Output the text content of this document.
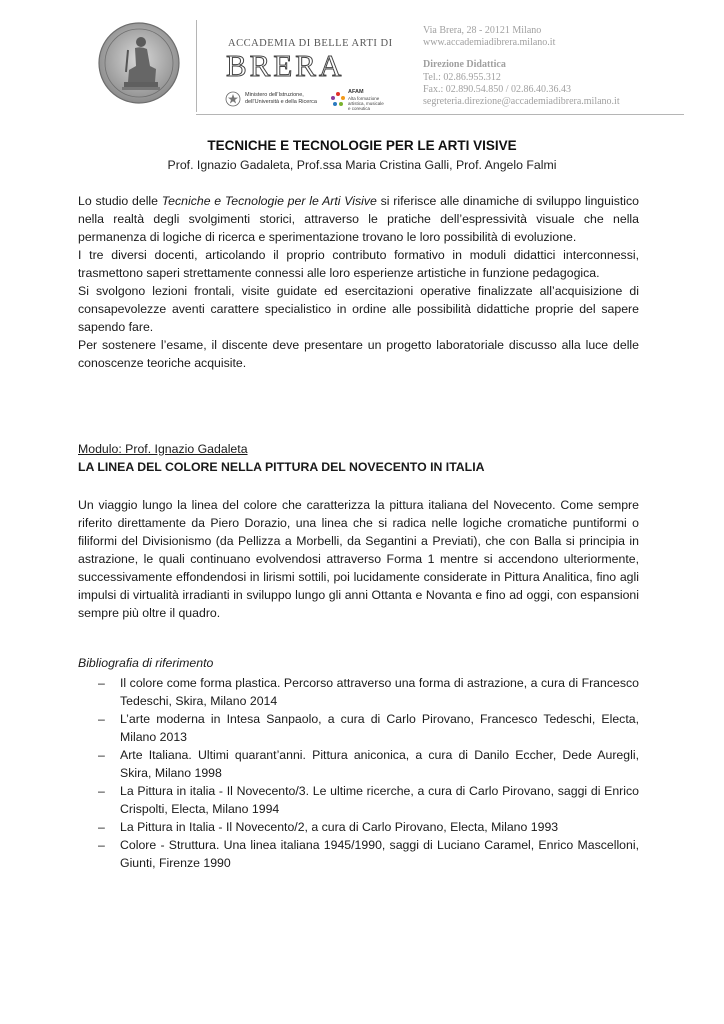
ACCADEMIA DI BELLE ARTI DI
BRERA
Ministero dell'Istruzione,
dell'Università e della Ricerca
AFAM
Alta formazione
artistica, musicale
e coreutica
Via Brera, 28 - 20121 Milano
www.accademiadibrera.milano.it
Direzione Didattica
Tel.: 02.86.955.312
Fax.: 02.890.54.850 / 02.86.40.36.43
segreteria.direzione@accademiadibrera.milano.it
TECNICHE E TECNOLOGIE PER LE ARTI VISIVE
Prof. Ignazio Gadaleta, Prof.ssa Maria Cristina Galli, Prof. Angelo Falmi

Lo studio delle Tecniche e Tecnologie per le Arti Visive si riferisce alle dinamiche di sviluppo linguistico nella realtà degli svolgimenti storici, attraverso le pratiche dell’espressività visuale che nella permanenza di logiche di ricerca e sperimentazione trovano le loro possibilità di evoluzione.

I tre diversi docenti, articolando il proprio contributo formativo in moduli didattici interconnessi, trasmettono saperi strettamente connessi alle loro esperienze artistiche in funzione pedagogica.

Si svolgono lezioni frontali, visite guidate ed esercitazioni operative finalizzate all’acquisizione di consapevolezze aventi carattere specialistico in ordine alle possibilità didattiche proprie del sapere sapendo fare.

Per sostenere l’esame, il discente deve presentare un progetto laboratoriale discusso alla luce delle conoscenze teoriche acquisite.

Modulo: Prof. Ignazio Gadaleta
LA LINEA DEL COLORE NELLA PITTURA DEL NOVECENTO IN ITALIA

Un viaggio lungo la linea del colore che caratterizza la pittura italiana del Novecento. Come sempre riferito direttamente da Piero Dorazio, una linea che si radica nelle logiche cromatiche puntiformi o filiformi del Divisionismo (da Pellizza a Morbelli, da Segantini a Previati), che con Balla si principia in astrazione, le quali continuano evolvendosi attraverso Forma 1 mentre si accendono ulteriormente, successivamente effondendosi in lirismi sottili, poi lucidamente considerate in Pittura Analitica, fino agli impulsi di virtualità irradianti in sviluppo lungo gli anni Ottanta e Novanta e fino ad oggi, con espansioni sempre più oltre il quadro.

Bibliografia di riferimento
– Il colore come forma plastica. Percorso attraverso una forma di astrazione, a cura di Francesco Tedeschi, Skira, Milano 2014
– L’arte moderna in Intesa Sanpaolo, a cura di Carlo Pirovano, Francesco Tedeschi, Electa, Milano 2013
– Arte Italiana. Ultimi quarant’anni. Pittura aniconica, a cura di Danilo Eccher, Dede Auregli, Skira, Milano 1998
– La Pittura in italia - Il Novecento/3. Le ultime ricerche, a cura di Carlo Pirovano, saggi di Enrico Crispolti, Electa, Milano 1994
– La Pittura in Italia - Il Novecento/2, a cura di Carlo Pirovano, Electa, Milano 1993
– Colore - Struttura. Una linea italiana 1945/1990, saggi di Luciano Caramel, Enrico Mascelloni, Giunti, Firenze 1990
